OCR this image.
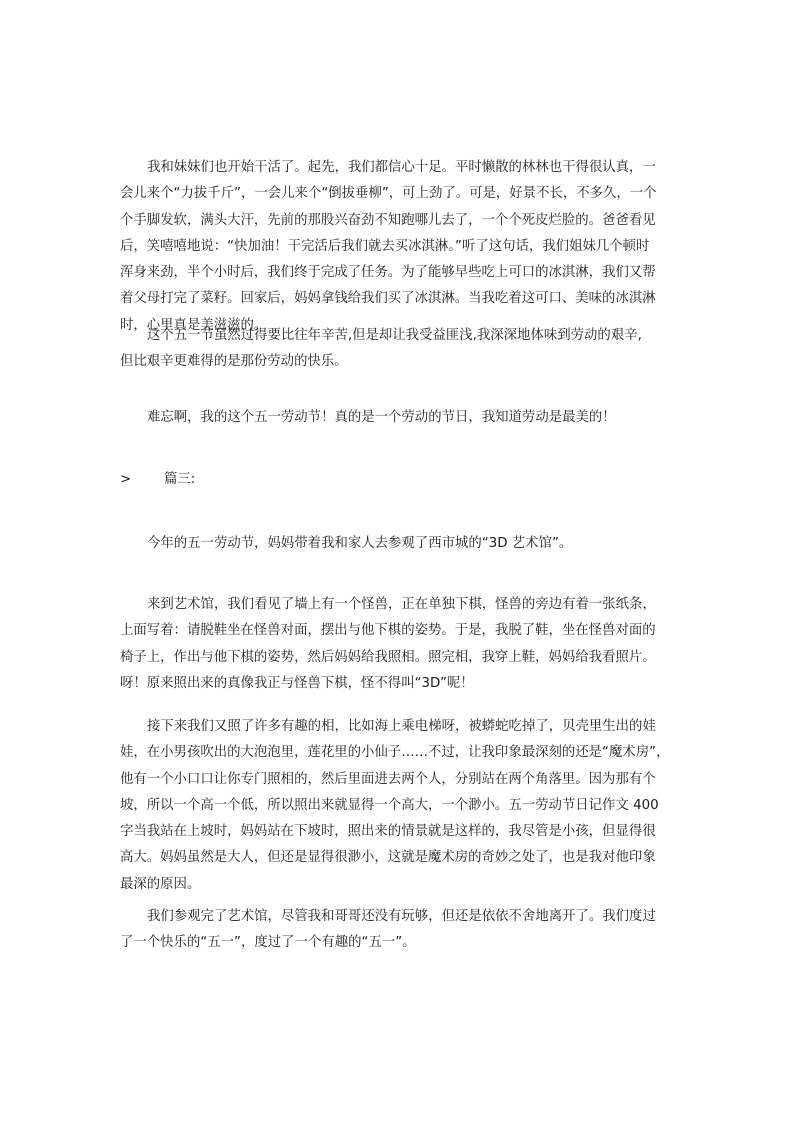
我和妹妹们也开始干活了。起先，我们都信心十足。平时懒散的林林也干得很认真，一
会儿来个“力拔千斤”，一会儿来个“倒拔垂柳”，可上劲了。可是，好景不长，不多久，一个
个手脚发软，满头大汗，先前的那股兴奋劲不知跑哪儿去了，一个个死皮烂脸的。爸爸看见
后，笑嘻嘻地说：“快加油！干完活后我们就去买冰淇淋。”听了这句话，我们姐妹几个顿时
浑身来劲，半个小时后，我们终于完成了任务。为了能够早些吃上可口的冰淇淋，我们又帮
着父母打完了菜籽。回家后，妈妈拿钱给我们买了冰淇淋。当我吃着这可口、美味的冰淇淋
时，心里真是美滋滋的。
这个五一节虽然过得要比往年辛苦,但是却让我受益匪浅,我深深地体味到劳动的艰辛,
但比艰辛更难得的是那份劳动的快乐。
难忘啊，我的这个五一劳动节！真的是一个劳动的节日，我知道劳动是最美的！
> 篇三:
今年的五一劳动节，妈妈带着我和家人去参观了西市城的“3D 艺术馆”。
来到艺术馆，我们看见了墙上有一个怪兽，正在单独下棋，怪兽的旁边有着一张纸条，
上面写着：请脱鞋坐在怪兽对面，摆出与他下棋的姿势。于是，我脱了鞋，坐在怪兽对面的
椅子上，作出与他下棋的姿势，然后妈妈给我照相。照完相，我穿上鞋，妈妈给我看照片。
呀！原来照出来的真像我正与怪兽下棋，怪不得叫“3D”呢！
接下来我们又照了许多有趣的相，比如海上乘电梯呀，被蟒蛇吃掉了，贝壳里生出的娃
娃，在小男孩吹出的大泡泡里，莲花里的小仙子……不过，让我印象最深刻的还是“魔术房”，
他有一个小口口让你专门照相的，然后里面进去两个人，分别站在两个角落里。因为那有个
坡，所以一个高一个低，所以照出来就显得一个高大，一个渺小。五一劳动节日记作文 400
字当我站在上坡时，妈妈站在下坡时，照出来的情景就是这样的，我尽管是小孩，但显得很
高大。妈妈虽然是大人，但还是显得很渺小，这就是魔术房的奇妙之处了，也是我对他印象
最深的原因。
我们参观完了艺术馆，尽管我和哥哥还没有玩够，但还是依依不舍地离开了。我们度过
了一个快乐的“五一”，度过了一个有趣的“五一”。
